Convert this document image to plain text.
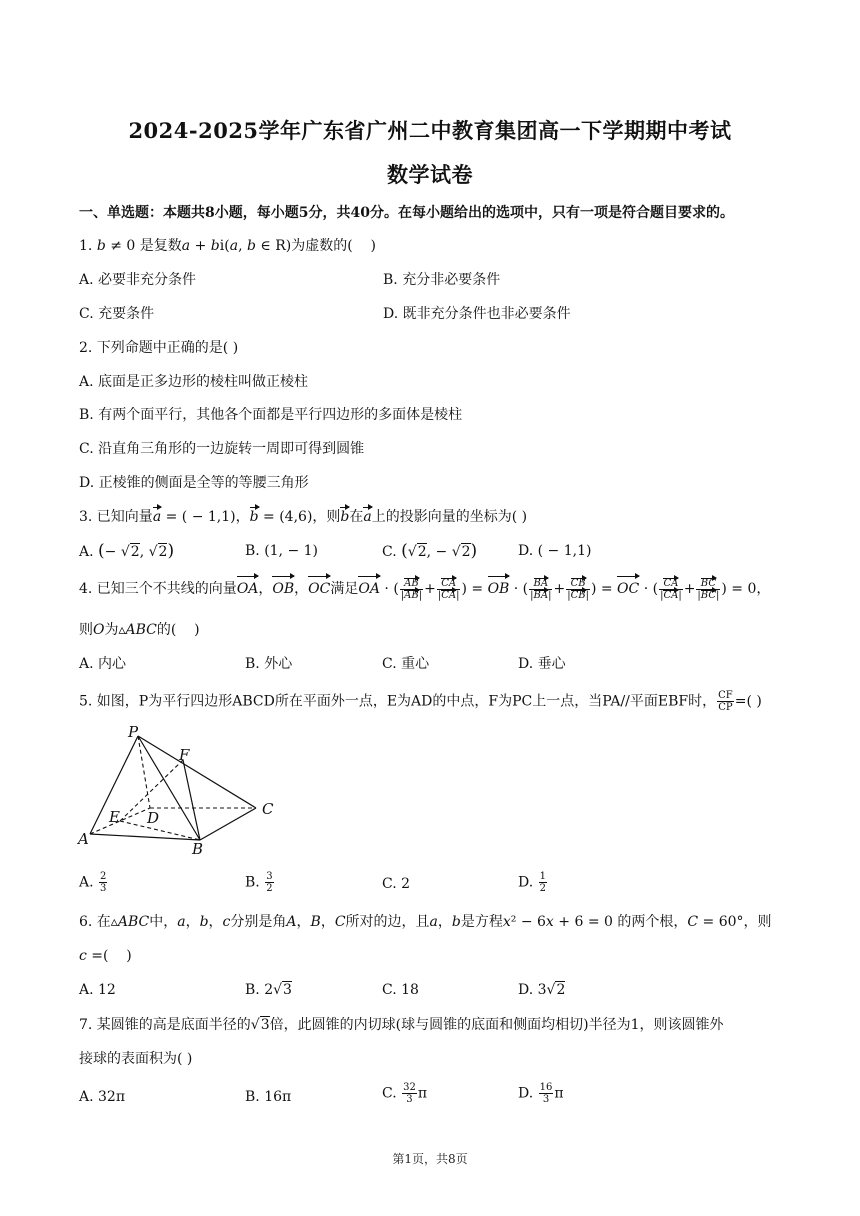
2024-2025学年广东省广州二中教育集团高一下学期期中考试
数学试卷
一、单选题：本题共8小题，每小题5分，共40分。在每小题给出的选项中，只有一项是符合题目要求的。
1. b ≠ 0 是复数a + bi(a, b ∈ R)为虚数的(    )
A. 必要非充分条件	B. 充分非必要条件
C. 充要条件	D. 既非充分条件也非必要条件
2. 下列命题中正确的是( )
A. 底面是正多边形的棱柱叫做正棱柱
B. 有两个面平行，其他各个面都是平行四边形的多面体是棱柱
C. 沿直角三角形的一边旋转一周即可得到圆锥
D. 正棱锥的侧面是全等的等腰三角形
3. 已知向量a = ( − 1,1)，b = (4,6)，则b在a上的投影向量的坐标为( )
A. (− √2, √2)	B. (1, − 1)	C. (√2, − √2)	D. ( − 1,1)
4. 已知三个不共线的向量OA，OB，OC满足OA · ( $\frac{AB}{|AB|} + \frac{CA}{|CA|}$ ) = OB · ( $\frac{BA}{|BA|} + \frac{CB}{|CB|}$ ) = OC · ( $\frac{CA}{|CA|} + \frac{BC}{|BC|}$ ) = 0，
则O为▵ABC的(    )
A. 内心	B. 外心	C. 重心	D. 垂心
5. 如图，P为平行四边形ABCD所在平面外一点，E为AD的中点，F为PC上一点，当PA//平面EBF时， $\frac{CF}{CP}$ =( )
P
F
E D	C
A
B
A. $\frac{2}{3}$	B. $\frac{3}{2}$	C. 2	D. $\frac{1}{2}$
6. 在▵ABC中，a，b，c分别是角A，B，C所对的边，且a，b是方程x² − 6x + 6 = 0 的两个根，C = 60°，则
c =(    )
A. 12	B. 2√3	C. 18	D. 3√2
7. 某圆锥的高是底面半径的√3倍，此圆锥的内切球(球与圆锥的底面和侧面均相切)半径为1，则该圆锥外
接球的表面积为( )
A. 32π	B. 16π	C. $\frac{32}{3}$ π	D. $\frac{16}{3}$ π
第1页，共8页
